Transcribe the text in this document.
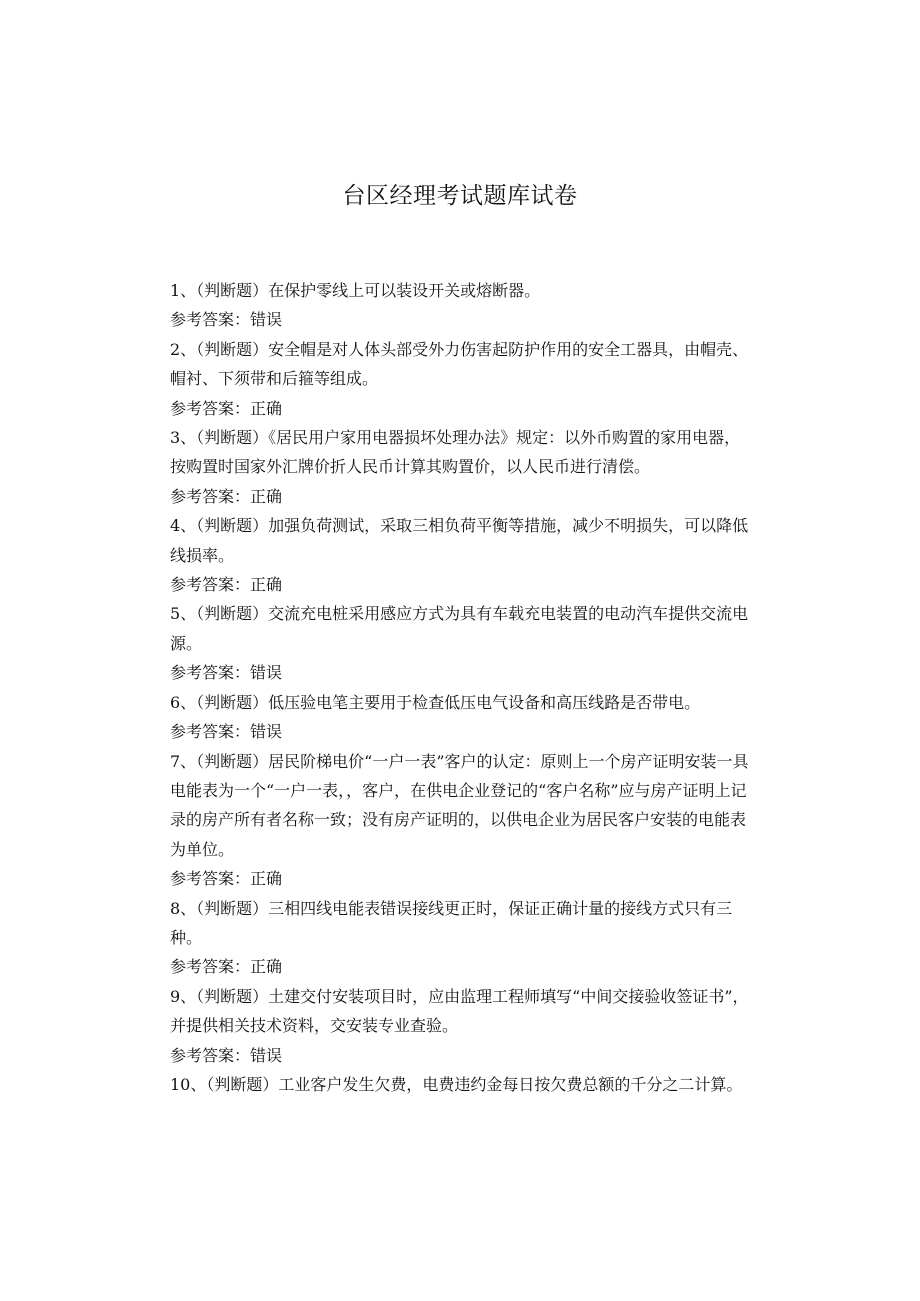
台区经理考试题库试卷

1、（判断题）在保护零线上可以装设开关或熔断器。

参考答案：错误

2、（判断题）安全帽是对人体头部受外力伤害起防护作用的安全工器具，由帽壳、帽衬、下须带和后箍等组成。

参考答案：正确

3、（判断题）《居民用户家用电器损坏处理办法》规定：以外币购置的家用电器，按购置时国家外汇牌价折人民币计算其购置价，以人民币进行清偿。

参考答案：正确

4、（判断题）加强负荷测试，采取三相负荷平衡等措施，减少不明损失，可以降低线损率。

参考答案：正确

5、（判断题）交流充电桩采用感应方式为具有车载充电装置的电动汽车提供交流电源。

参考答案：错误

6、（判断题）低压验电笔主要用于检查低压电气设备和高压线路是否带电。

参考答案：错误

7、（判断题）居民阶梯电价“一户一表”客户的认定：原则上一个房产证明安装一具电能表为一个“一户一表，，客户，在供电企业登记的“客户名称”应与房产证明上记录的房产所有者名称一致；没有房产证明的，以供电企业为居民客户安装的电能表为单位。

参考答案：正确

8、（判断题）三相四线电能表错误接线更正时，保证正确计量的接线方式只有三种。

参考答案：正确

9、（判断题）土建交付安装项目时，应由监理工程师填写“中间交接验收签证书”，并提供相关技术资料，交安装专业查验。

参考答案：错误

10、（判断题）工业客户发生欠费，电费违约金每日按欠费总额的千分之二计算。
